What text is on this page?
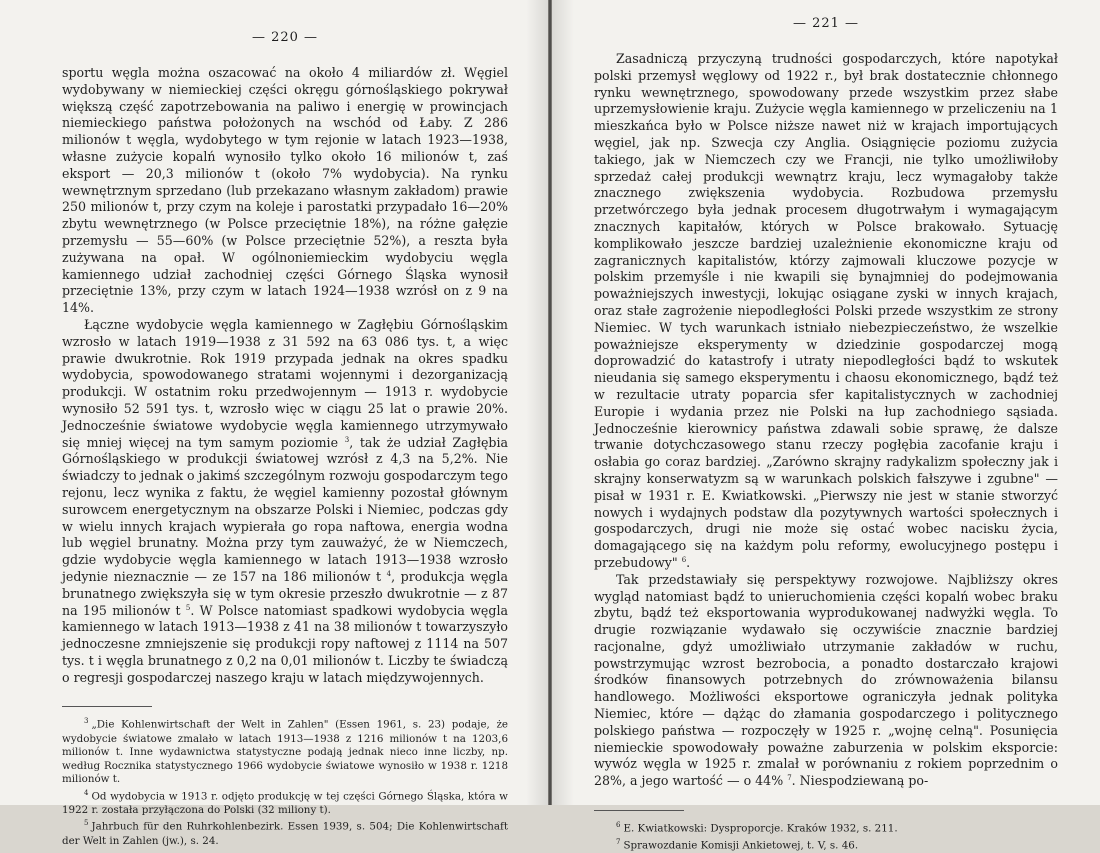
— 220 —

sportu węgla można oszacować na około 4 miliardów zł. Węgiel wydobywany w niemieckiej części okręgu górnośląskiego pokrywał większą część zapotrzebowania na paliwo i energię w prowincjach niemieckiego państwa położonych na wschód od Łaby. Z 286 milionów t węgla, wydobytego w tym rejonie w latach 1923—1938, własne zużycie kopalń wynosiło tylko około 16 milionów t, zaś eksport — 20,3 milionów t (około 7% wydobycia). Na rynku wewnętrznym sprzedano (lub przekazano własnym zakładom) prawie 250 milionów t, przy czym na koleje i parostatki przypadało 16—20% zbytu wewnętrznego (w Polsce przeciętnie 18%), na różne gałęzie przemysłu — 55—60% (w Polsce przeciętnie 52%), a reszta była zużywana na opał. W ogólnoniemieckim wydobyciu węgla kamiennego udział zachodniej części Górnego Śląska wynosił przeciętnie 13%, przy czym w latach 1924—1938 wzrósł on z 9 na 14%.

Łączne wydobycie węgla kamiennego w Zagłębiu Górnośląskim wzrosło w latach 1919—1938 z 31 592 na 63 086 tys. t, a więc prawie dwukrotnie. Rok 1919 przypada jednak na okres spadku wydobycia, spowodowanego stratami wojennymi i dezorganizacją produkcji. W ostatnim roku przedwojennym — 1913 r. wydobycie wynosiło 52 591 tys. t, wzrosło więc w ciągu 25 lat o prawie 20%. Jednocześnie światowe wydobycie węgla kamiennego utrzymywało się mniej więcej na tym samym poziomie $^3$, tak że udział Zagłębia Górnośląskiego w produkcji światowej wzrósł z 4,3 na 5,2%. Nie świadczy to jednak o jakimś szczególnym rozwoju gospodarczym tego rejonu, lecz wynika z faktu, że węgiel kamienny pozostał głównym surowcem energetycznym na obszarze Polski i Niemiec, podczas gdy w wielu innych krajach wypierała go ropa naftowa, energia wodna lub węgiel brunatny. Można przy tym zauważyć, że w Niemczech, gdzie wydobycie węgla kamiennego w latach 1913—1938 wzrosło jedynie nieznacznie — ze 157 na 186 milionów t $^4$, produkcja węgla brunatnego zwiększyła się w tym okresie przeszło dwukrotnie — z 87 na 195 milionów t $^5$. W Polsce natomiast spadkowi wydobycia węgla kamiennego w latach 1913—1938 z 41 na 38 milionów t towarzyszyło jednoczesne zmniejszenie się produkcji ropy naftowej z 1114 na 507 tys. t i węgla brunatnego z 0,2 na 0,01 milionów t. Liczby te świadczą o regresji gospodarczej naszego kraju w latach międzywojennych.

$^3$ „Die Kohlenwirtschaft der Welt in Zahlen" (Essen 1961, s. 23) podaje, że wydobycie światowe zmalało w latach 1913—1938 z 1216 milionów t na 1203,6 milionów t. Inne wydawnictwa statystyczne podają jednak nieco inne liczby, np. według Rocznika statystycznego 1966 wydobycie światowe wynosiło w 1938 r. 1218 milionów t.

$^4$ Od wydobycia w 1913 r. odjęto produkcję w tej części Górnego Śląska, która w 1922 r. została przyłączona do Polski (32 miliony t).

$^5$ Jahrbuch für den Ruhrkohlenbezirk. Essen 1939, s. 504; Die Kohlenwirtschaft der Welt in Zahlen (jw.), s. 24.

— 221 —

Zasadniczą przyczyną trudności gospodarczych, które napotykał polski przemysł węglowy od 1922 r., był brak dostatecznie chłonnego rynku wewnętrznego, spowodowany przede wszystkim przez słabe uprzemysłowienie kraju. Zużycie węgla kamiennego w przeliczeniu na 1 mieszkańca było w Polsce niższe nawet niż w krajach importujących węgiel, jak np. Szwecja czy Anglia. Osiągnięcie poziomu zużycia takiego, jak w Niemczech czy we Francji, nie tylko umożliwiłoby sprzedaż całej produkcji wewnątrz kraju, lecz wymagałoby także znacznego zwiększenia wydobycia. Rozbudowa przemysłu przetwórczego była jednak procesem długotrwałym i wymagającym znacznych kapitałów, których w Polsce brakowało. Sytuację komplikowało jeszcze bardziej uzależnienie ekonomiczne kraju od zagranicznych kapitalistów, którzy zajmowali kluczowe pozycje w polskim przemyśle i nie kwapili się bynajmniej do podejmowania poważniejszych inwestycji, lokując osiągane zyski w innych krajach, oraz stałe zagrożenie niepodległości Polski przede wszystkim ze strony Niemiec. W tych warunkach istniało niebezpieczeństwo, że wszelkie poważniejsze eksperymenty w dziedzinie gospodarczej mogą doprowadzić do katastrofy i utraty niepodległości bądź to wskutek nieudania się samego eksperymentu i chaosu ekonomicznego, bądź też w rezultacie utraty poparcia sfer kapitalistycznych w zachodniej Europie i wydania przez nie Polski na łup zachodniego sąsiada. Jednocześnie kierownicy państwa zdawali sobie sprawę, że dalsze trwanie dotychczasowego stanu rzeczy pogłębia zacofanie kraju i osłabia go coraz bardziej. „Zarówno skrajny radykalizm społeczny jak i skrajny konserwatyzm są w warunkach polskich fałszywe i zgubne" — pisał w 1931 r. E. Kwiatkowski. „Pierwszy nie jest w stanie stworzyć nowych i wydajnych podstaw dla pozytywnych wartości społecznych i gospodarczych, drugi nie może się ostać wobec nacisku życia, domagającego się na każdym polu reformy, ewolucyjnego postępu i przebudowy" $^6$.

Tak przedstawiały się perspektywy rozwojowe. Najbliższy okres wygląd natomiast bądź to unieruchomienia części kopalń wobec braku zbytu, bądź też eksportowania wyprodukowanej nadwyżki węgla. To drugie rozwiązanie wydawało się oczywiście znacznie bardziej racjonalne, gdyż umożliwiało utrzymanie zakładów w ruchu, powstrzymując wzrost bezrobocia, a ponadto dostarczało krajowi środków finansowych potrzebnych do zrównoważenia bilansu handlowego. Możliwości eksportowe ograniczyła jednak polityka Niemiec, które — dążąc do złamania gospodarczego i politycznego polskiego państwa — rozpoczęły w 1925 r. „wojnę celną". Posunięcia niemieckie spowodowały poważne zaburzenia w polskim eksporcie: wywóz węgla w 1925 r. zmalał w porównaniu z rokiem poprzednim o 28%, a jego wartość — o 44% $^7$. Niespodziewaną po-

$^6$ E. Kwiatkowski: Dysproporcje. Kraków 1932, s. 211.

$^7$ Sprawozdanie Komisji Ankietowej, t. V, s. 46.
